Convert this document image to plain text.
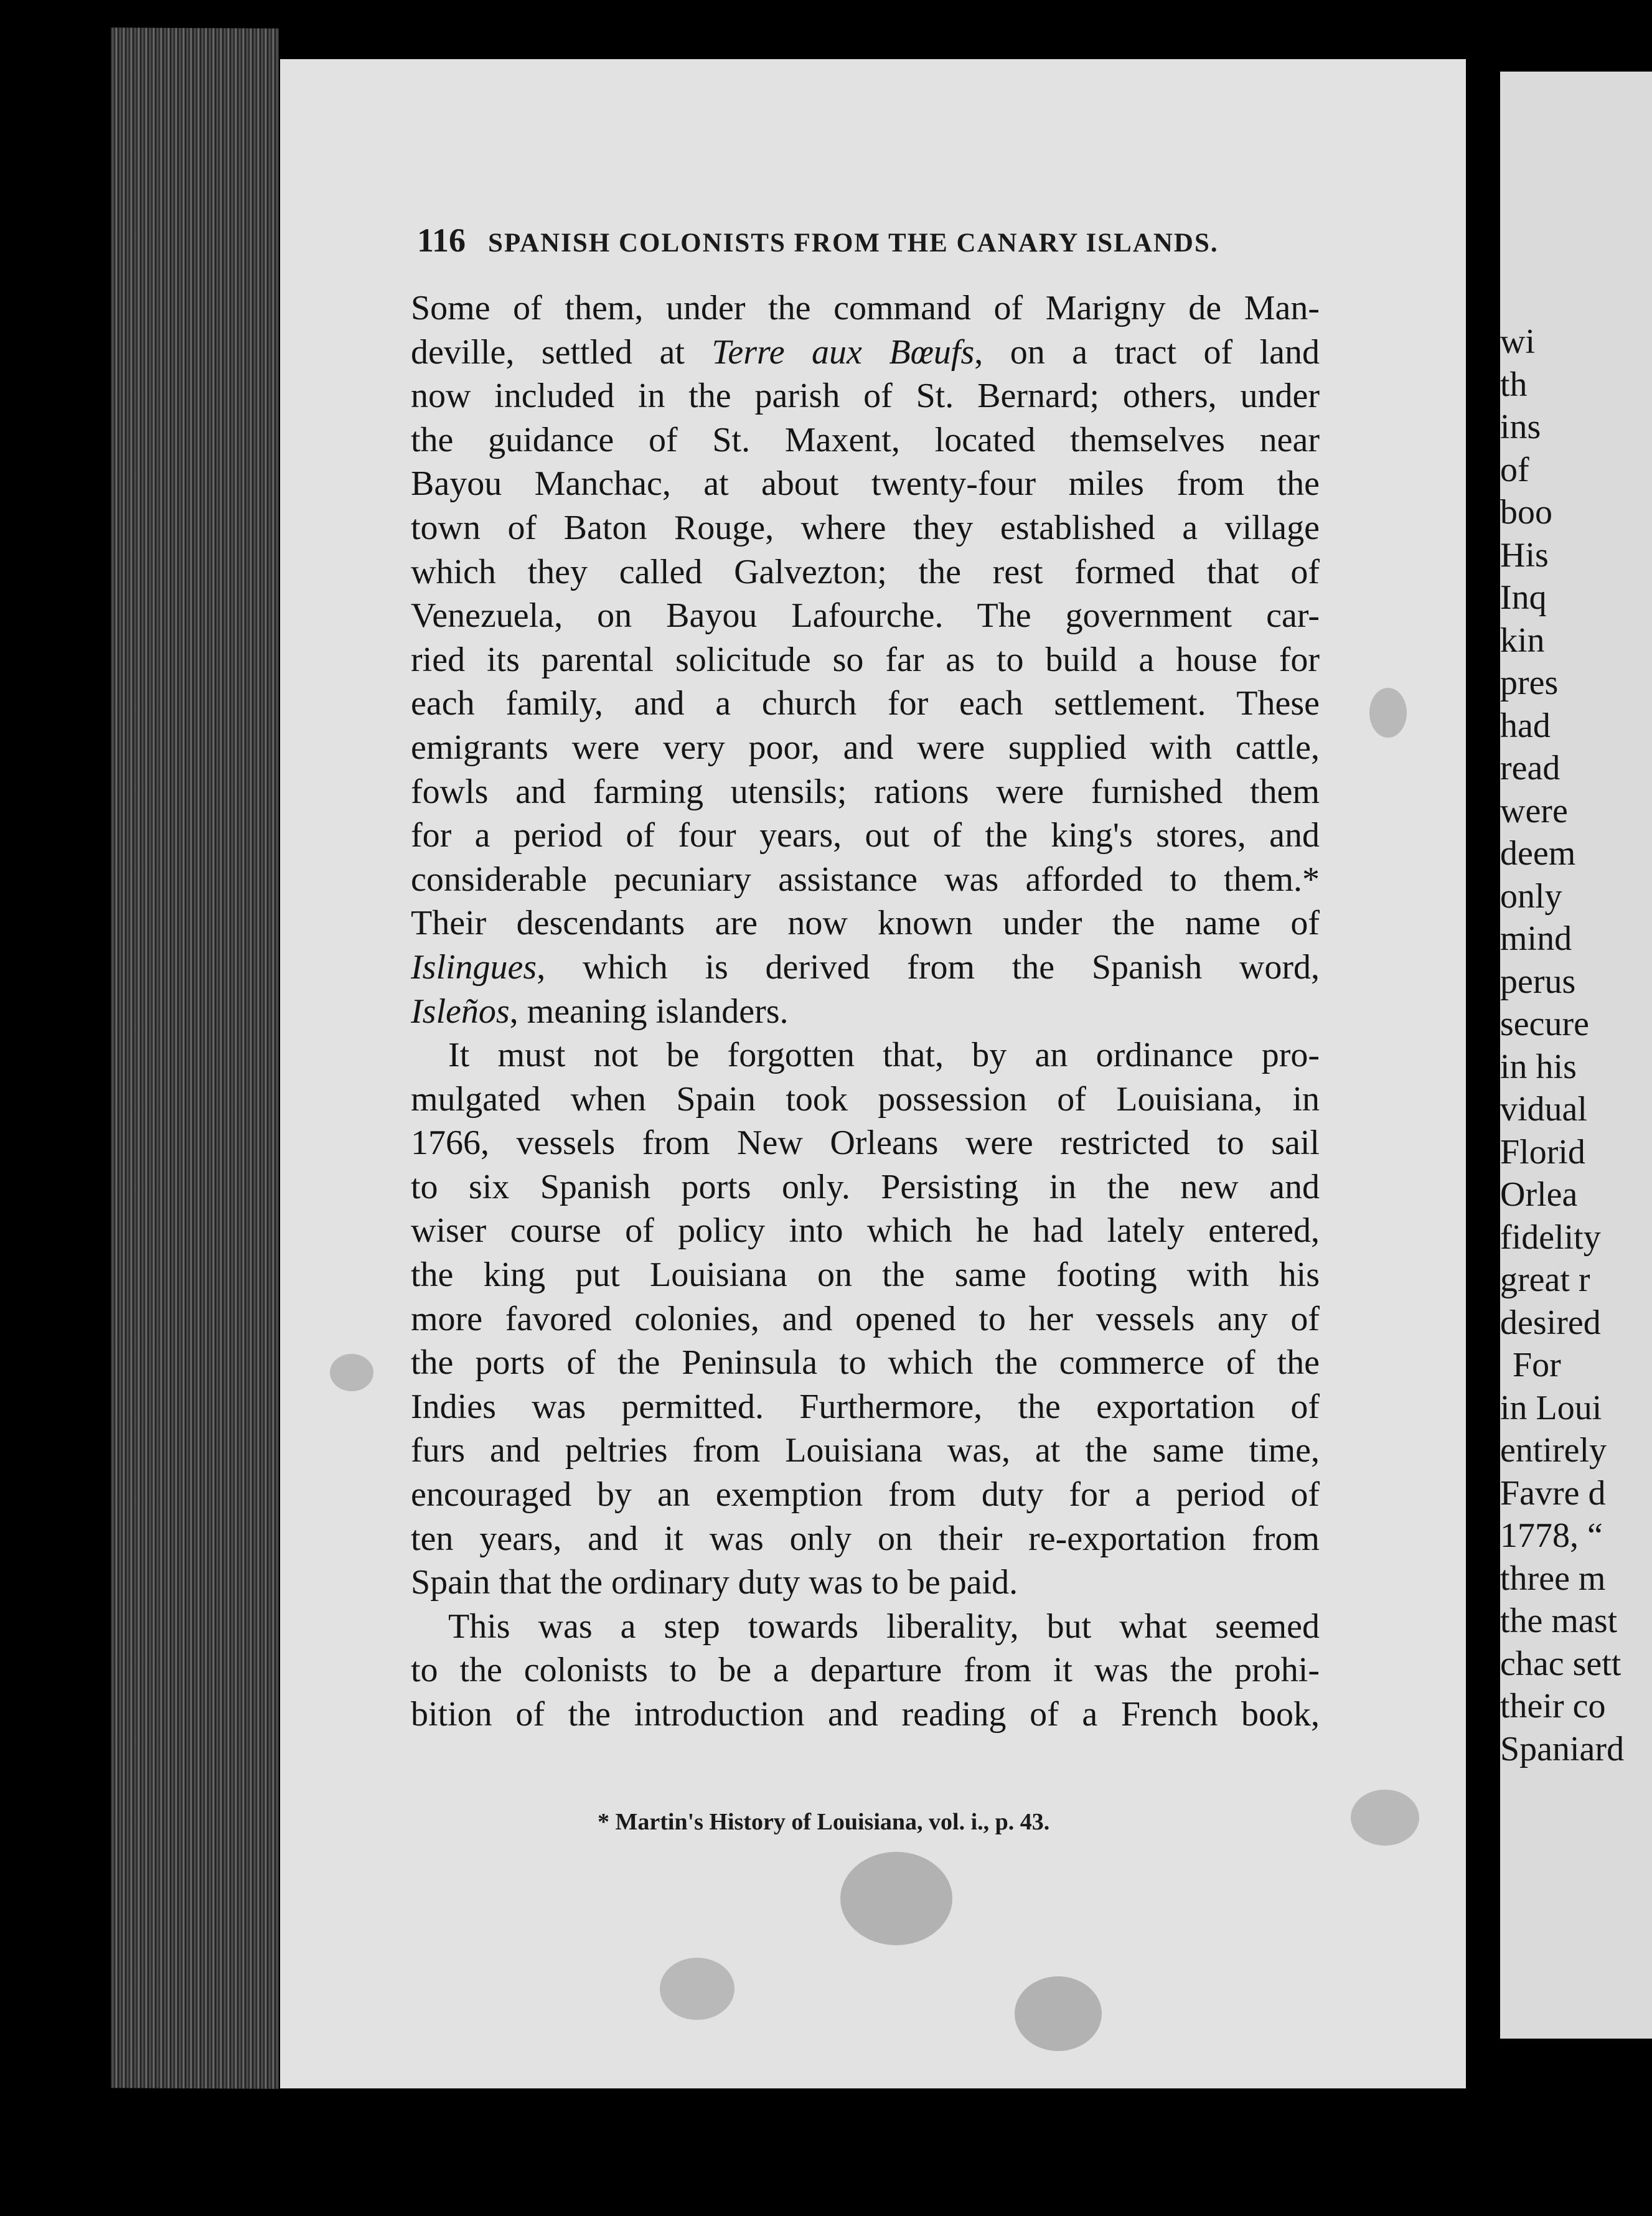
wi
th
ins
of
boo
His
Inq
kin
pres
had
read
were
deem
only
mind
perus
secure
in his
vidual
Florid
Orlea
fidelity
great r
desired
For
in Loui
entirely
Favre d
1778, “
three m
the mast
chac sett
their co
Spaniard
116 SPANISH COLONISTS FROM THE CANARY ISLANDS.
Some of them, under the command of Marigny de Man-
deville, settled at Terre aux Bœufs, on a tract of land
now included in the parish of St. Bernard; others, under
the guidance of St. Maxent, located themselves near
Bayou Manchac, at about twenty-four miles from the
town of Baton Rouge, where they established a village
which they called Galvezton; the rest formed that of
Venezuela, on Bayou Lafourche. The government car-
ried its parental solicitude so far as to build a house for
each family, and a church for each settlement. These
emigrants were very poor, and were supplied with cattle,
fowls and farming utensils; rations were furnished them
for a period of four years, out of the king's stores, and
considerable pecuniary assistance was afforded to them.*
Their descendants are now known under the name of
Islingues, which is derived from the Spanish word,
Isleños, meaning islanders.
It must not be forgotten that, by an ordinance pro-
mulgated when Spain took possession of Louisiana, in
1766, vessels from New Orleans were restricted to sail
to six Spanish ports only. Persisting in the new and
wiser course of policy into which he had lately entered,
the king put Louisiana on the same footing with his
more favored colonies, and opened to her vessels any of
the ports of the Peninsula to which the commerce of the
Indies was permitted. Furthermore, the exportation of
furs and peltries from Louisiana was, at the same time,
encouraged by an exemption from duty for a period of
ten years, and it was only on their re-exportation from
Spain that the ordinary duty was to be paid.
This was a step towards liberality, but what seemed
to the colonists to be a departure from it was the prohi-
bition of the introduction and reading of a French book,
* Martin's History of Louisiana, vol. i., p. 43.
